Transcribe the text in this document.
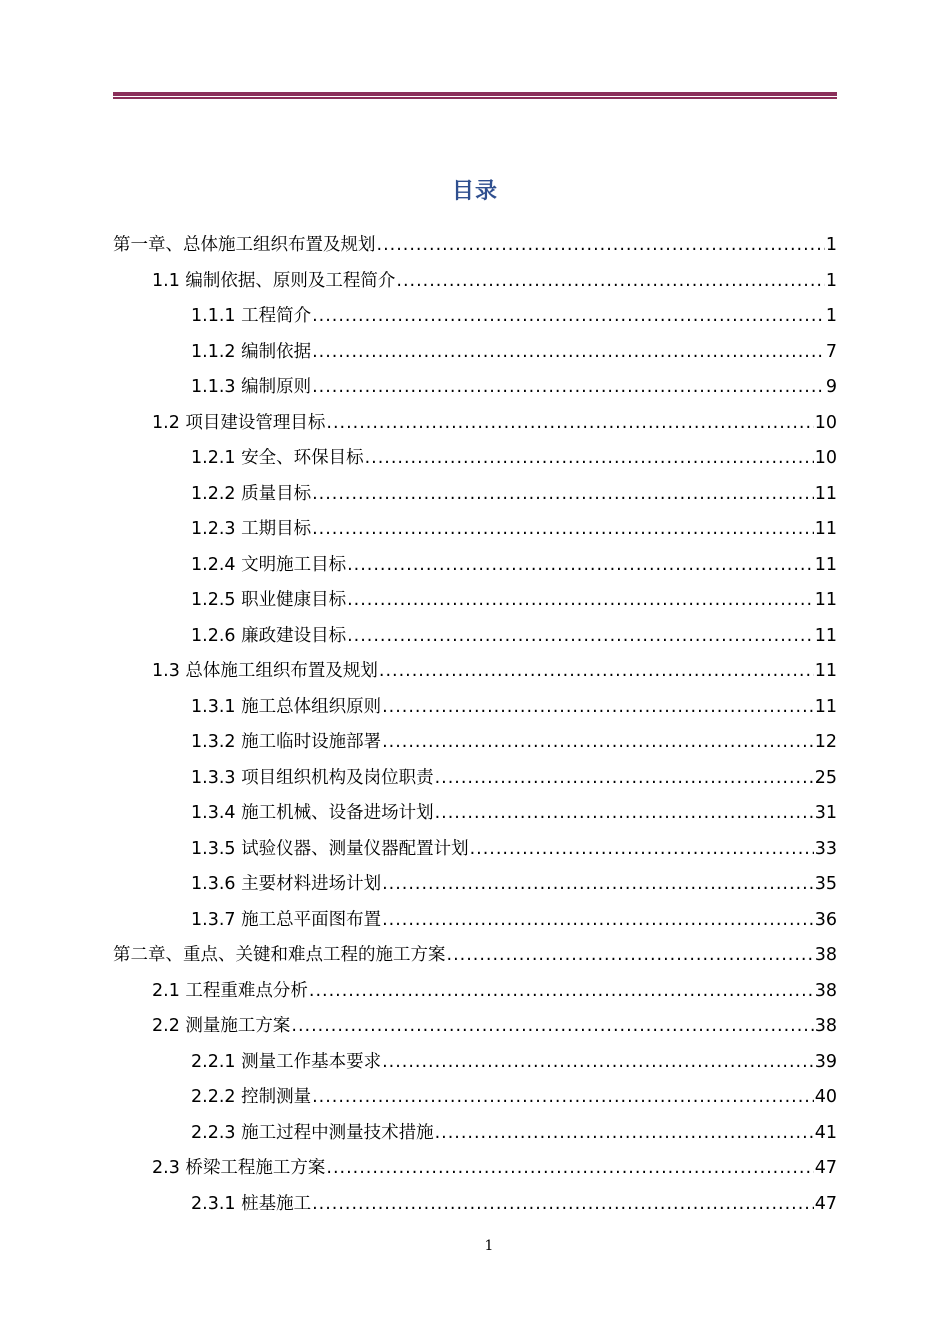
目录
第一章、总体施工组织布置及规划 .....	1
1.1 编制依据、原则及工程简介 .....	1
1.1.1 工程简介 .....	1
1.1.2 编制依据 .....	7
1.1.3 编制原则 .....	9
1.2 项目建设管理目标 .....	10
1.2.1 安全、环保目标 .....	10
1.2.2 质量目标 .....	11
1.2.3 工期目标 .....	11
1.2.4 文明施工目标 .....	11
1.2.5 职业健康目标 .....	11
1.2.6 廉政建设目标 .....	11
1.3 总体施工组织布置及规划 .....	11
1.3.1 施工总体组织原则 .....	11
1.3.2 施工临时设施部署 .....	12
1.3.3 项目组织机构及岗位职责 .....	25
1.3.4 施工机械、设备进场计划 .....	31
1.3.5 试验仪器、测量仪器配置计划 .....	33
1.3.6 主要材料进场计划 .....	35
1.3.7 施工总平面图布置 .....	36
第二章、重点、关键和难点工程的施工方案 .....	38
2.1 工程重难点分析 .....	38
2.2 测量施工方案 .....	38
2.2.1 测量工作基本要求 .....	39
2.2.2 控制测量 .....	40
2.2.3 施工过程中测量技术措施 .....	41
2.3 桥梁工程施工方案 .....	47
2.3.1 桩基施工 .....	47
1
